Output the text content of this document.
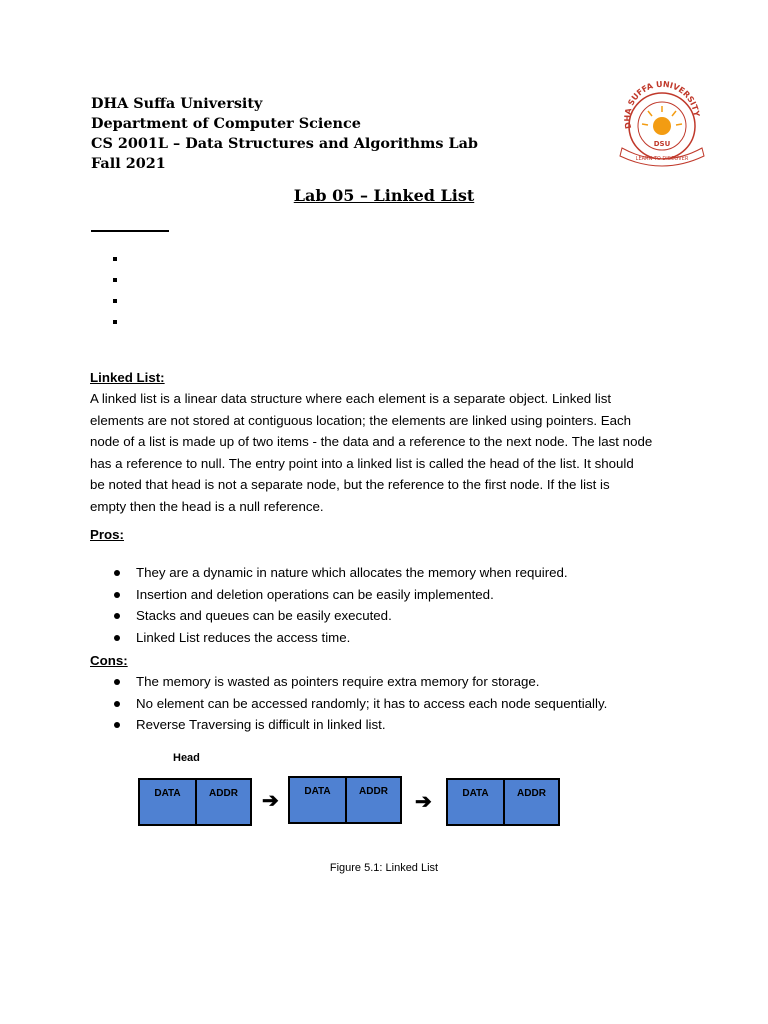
DHA Suffa University
Department of Computer Science
CS 2001L – Data Structures and Algorithms Lab
Fall 2021
DHA SUFFA UNIVERSITY
DSU
LEARN TO DISCOVER
Lab 05 – Linked List
Linked List:
A linked list is a linear data structure where each element is a separate object. Linked list
elements are not stored at contiguous location; the elements are linked using pointers. Each
node of a list is made up of two items - the data and a reference to the next node. The last node
has a reference to null. The entry point into a linked list is called the head of the list. It should
be noted that head is not a separate node, but the reference to the first node. If the list is
empty then the head is a null reference.
Pros:
They are a dynamic in nature which allocates the memory when required.
Insertion and deletion operations can be easily implemented.
Stacks and queues can be easily executed.
Linked List reduces the access time.
Cons:
The memory is wasted as pointers require extra memory for storage.
No element can be accessed randomly; it has to access each node sequentially.
Reverse Traversing is difficult in linked list.
Head
DATA	ADDR	➔	DATA	ADDR	➔	DATA	ADDR
Figure 5.1: Linked List
